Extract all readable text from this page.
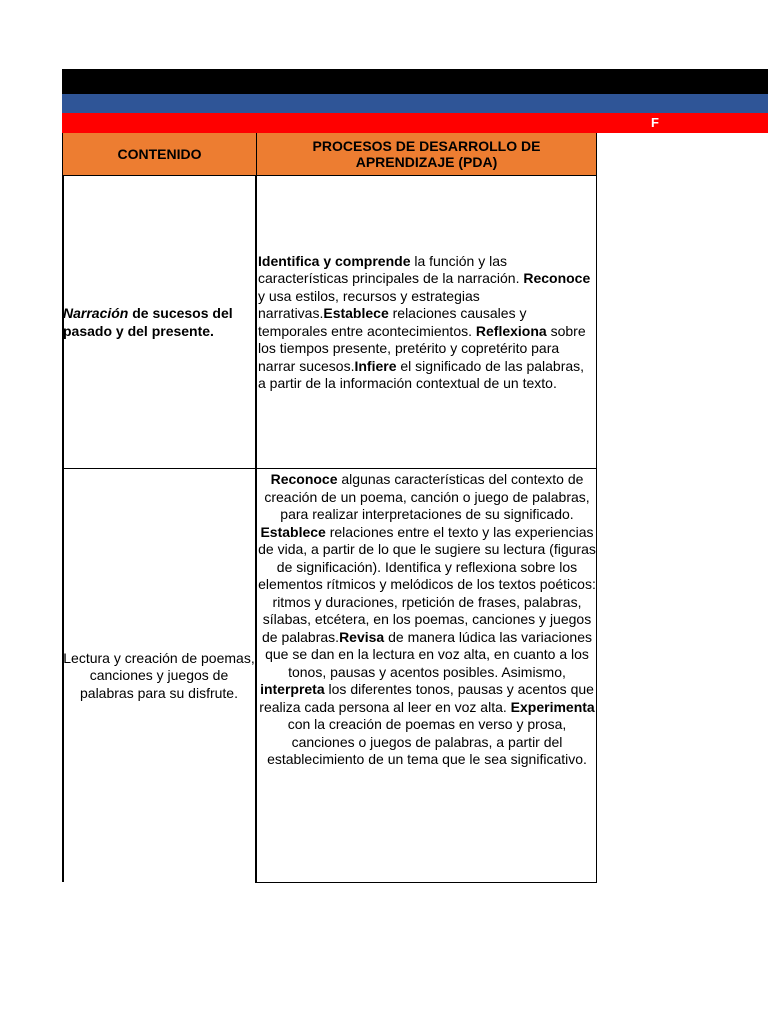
F
CONTENIDO	PROCESOS DE DESARROLLO DE APRENDIZAJE (PDA)
Narración de sucesos del pasado y del presente.
Identifica y comprende la función y las características principales de la narración. Reconoce y usa estilos, recursos y estrategias narrativas.Establece relaciones causales y temporales entre acontecimientos. Reflexiona sobre los tiempos presente, pretérito y copretérito para narrar sucesos.Infiere el significado de las palabras, a partir de la información contextual de un texto.
Lectura y creación de poemas, canciones y juegos de palabras para su disfrute.
Reconoce algunas características del contexto de creación de un poema, canción o juego de palabras, para realizar interpretaciones de su significado. Establece relaciones entre el texto y las experiencias de vida, a partir de lo que le sugiere su lectura (figuras de significación). Identifica y reflexiona sobre los elementos rítmicos y melódicos de los textos poéticos: ritmos y duraciones, rpetición de frases, palabras, sílabas, etcétera, en los poemas, canciones y juegos de palabras.Revisa de manera lúdica las variaciones que se dan en la lectura en voz alta, en cuanto a los tonos, pausas y acentos posibles. Asimismo, interpreta los diferentes tonos, pausas y acentos que realiza cada persona al leer en voz alta. Experimenta con la creación de poemas en verso y prosa, canciones o juegos de palabras, a partir del establecimiento de un tema que le sea significativo.
